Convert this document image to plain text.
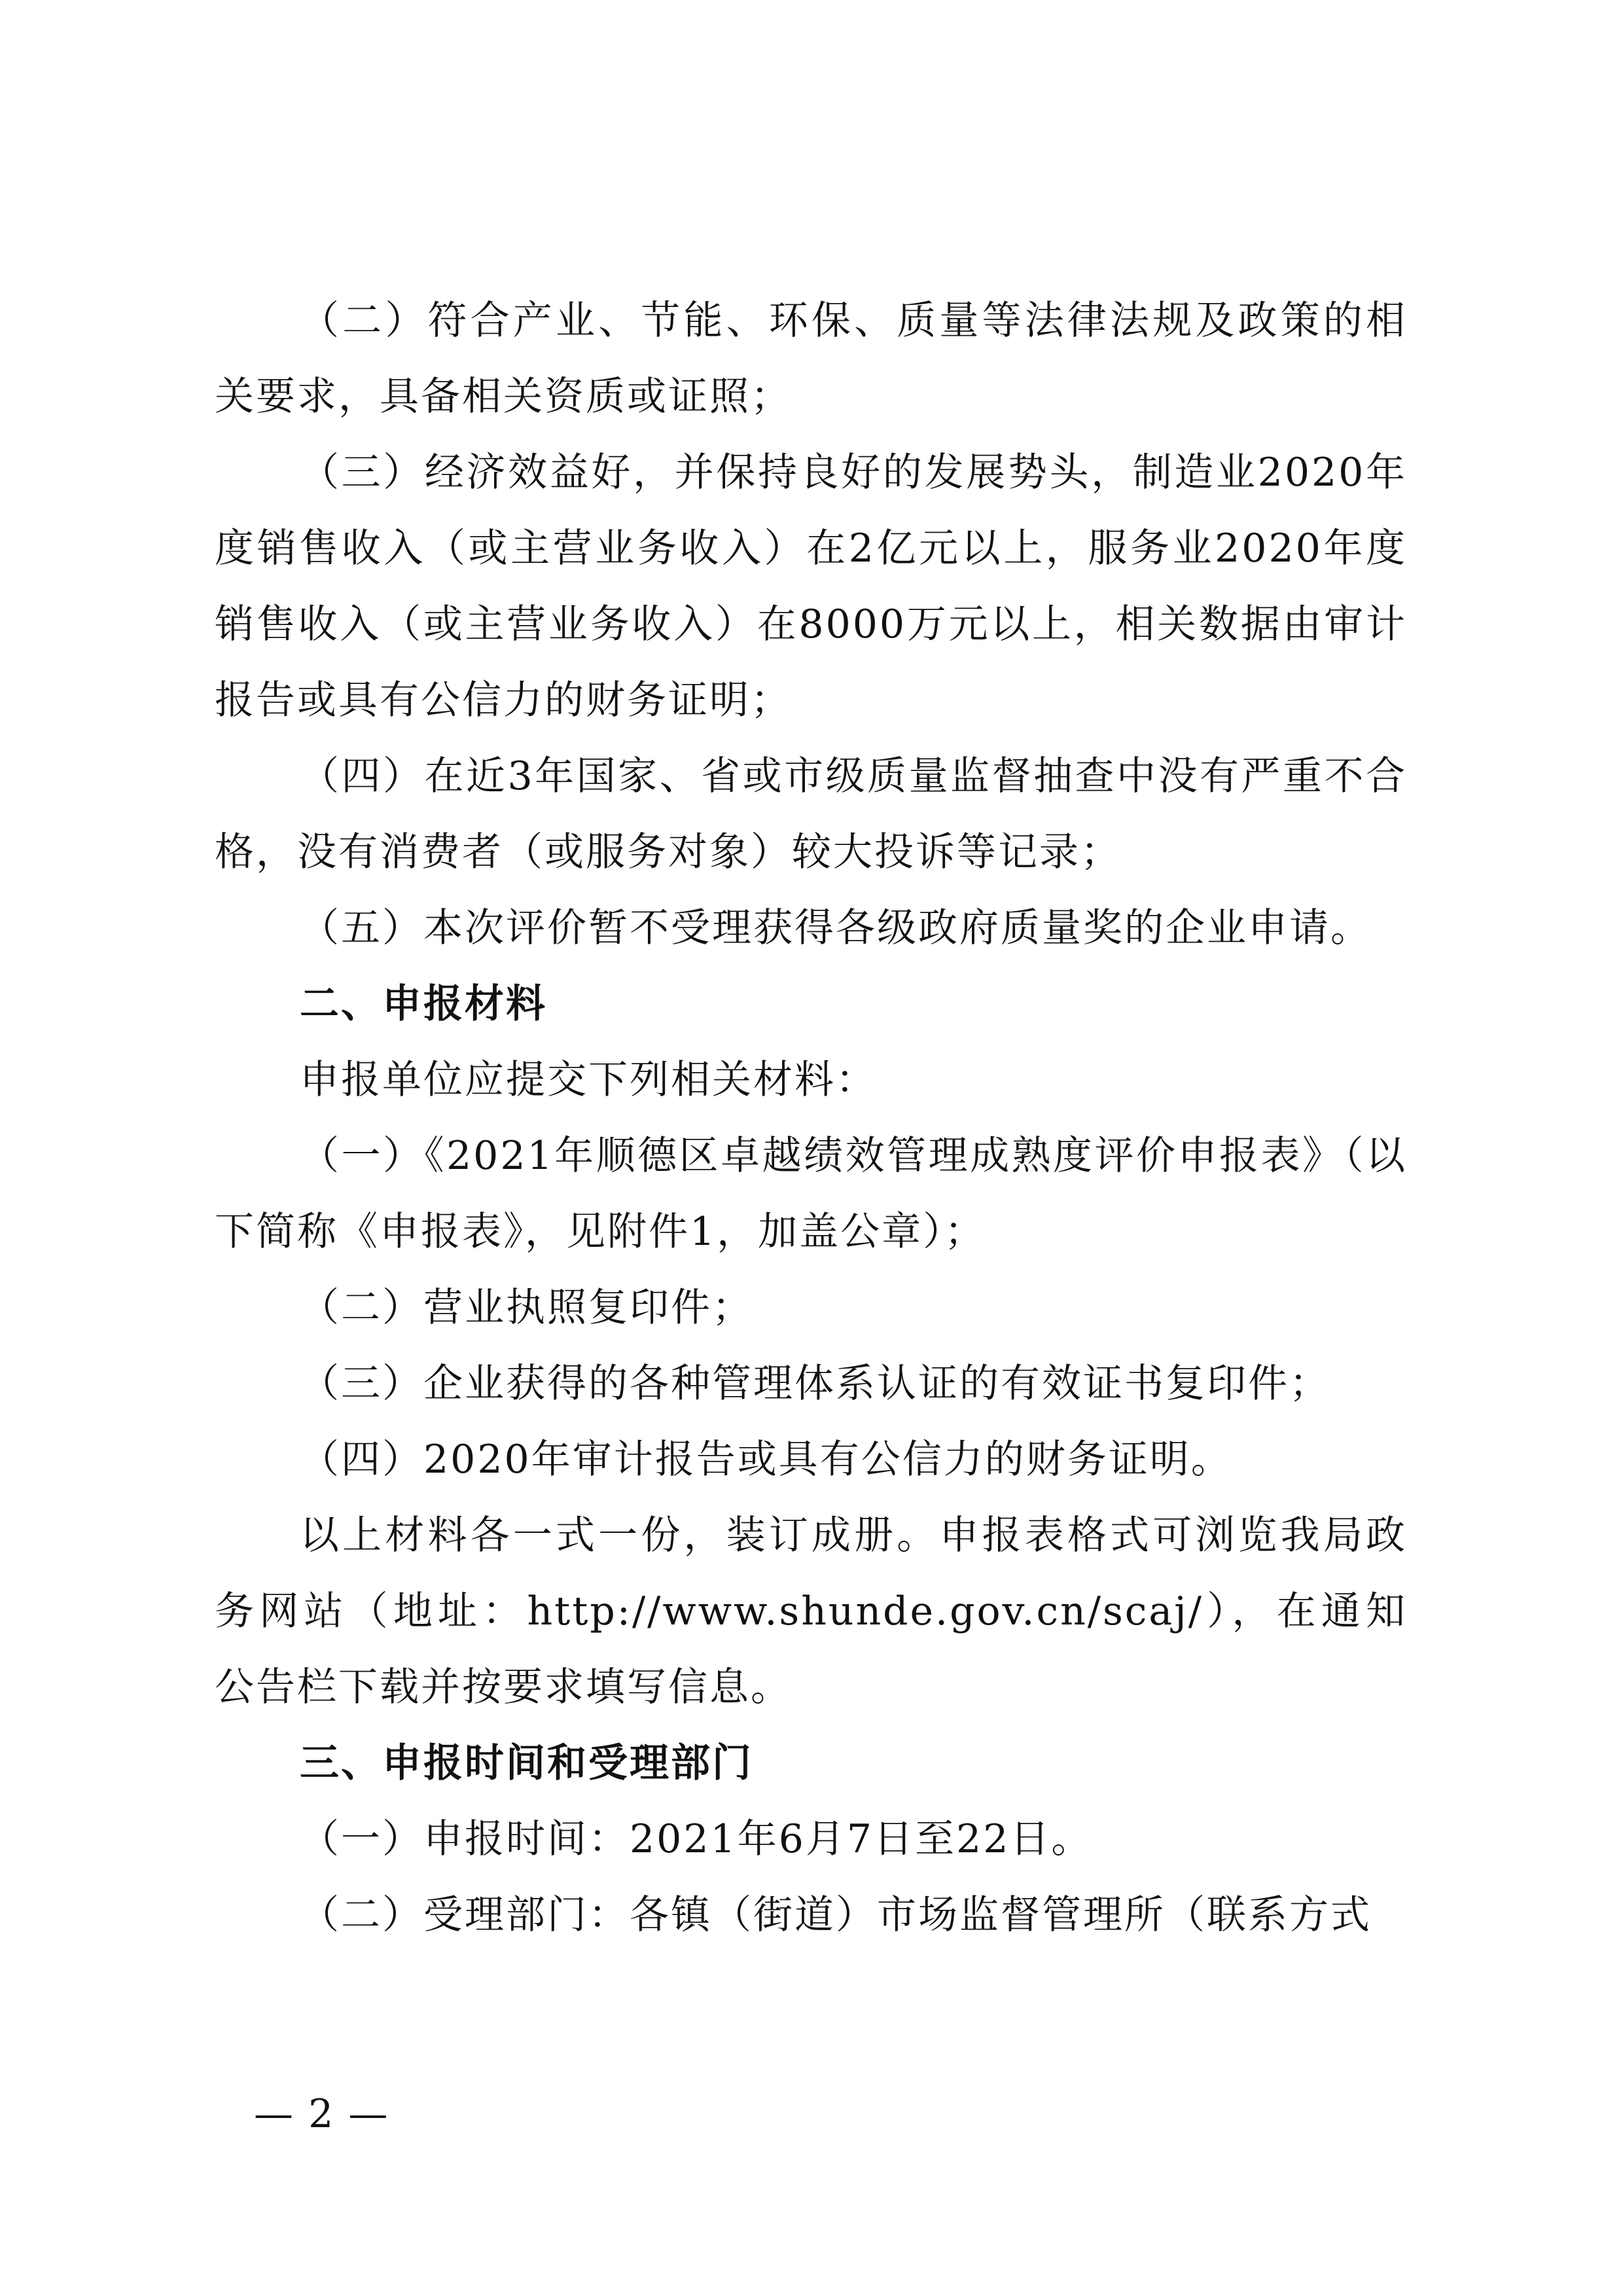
（二）符合产业、节能、环保、质量等法律法规及政策的相关要求，具备相关资质或证照；

（三）经济效益好，并保持良好的发展势头，制造业2020年度销售收入（或主营业务收入）在2亿元以上，服务业2020年度销售收入（或主营业务收入）在8000万元以上，相关数据由审计报告或具有公信力的财务证明；

（四）在近3年国家、省或市级质量监督抽查中没有严重不合格，没有消费者（或服务对象）较大投诉等记录；

（五）本次评价暂不受理获得各级政府质量奖的企业申请。

二、申报材料

申报单位应提交下列相关材料：

（一）《2021年顺德区卓越绩效管理成熟度评价申报表》（以下简称《申报表》，见附件1，加盖公章）；

（二）营业执照复印件；

（三）企业获得的各种管理体系认证的有效证书复印件；

（四）2020年审计报告或具有公信力的财务证明。

以上材料各一式一份，装订成册。申报表格式可浏览我局政务网站（地址：http://www.shunde.gov.cn/scaj/），在通知公告栏下载并按要求填写信息。

三、申报时间和受理部门

（一）申报时间：2021年6月7日至22日。

（二）受理部门：各镇（街道）市场监督管理所（联系方式

— 2 —
